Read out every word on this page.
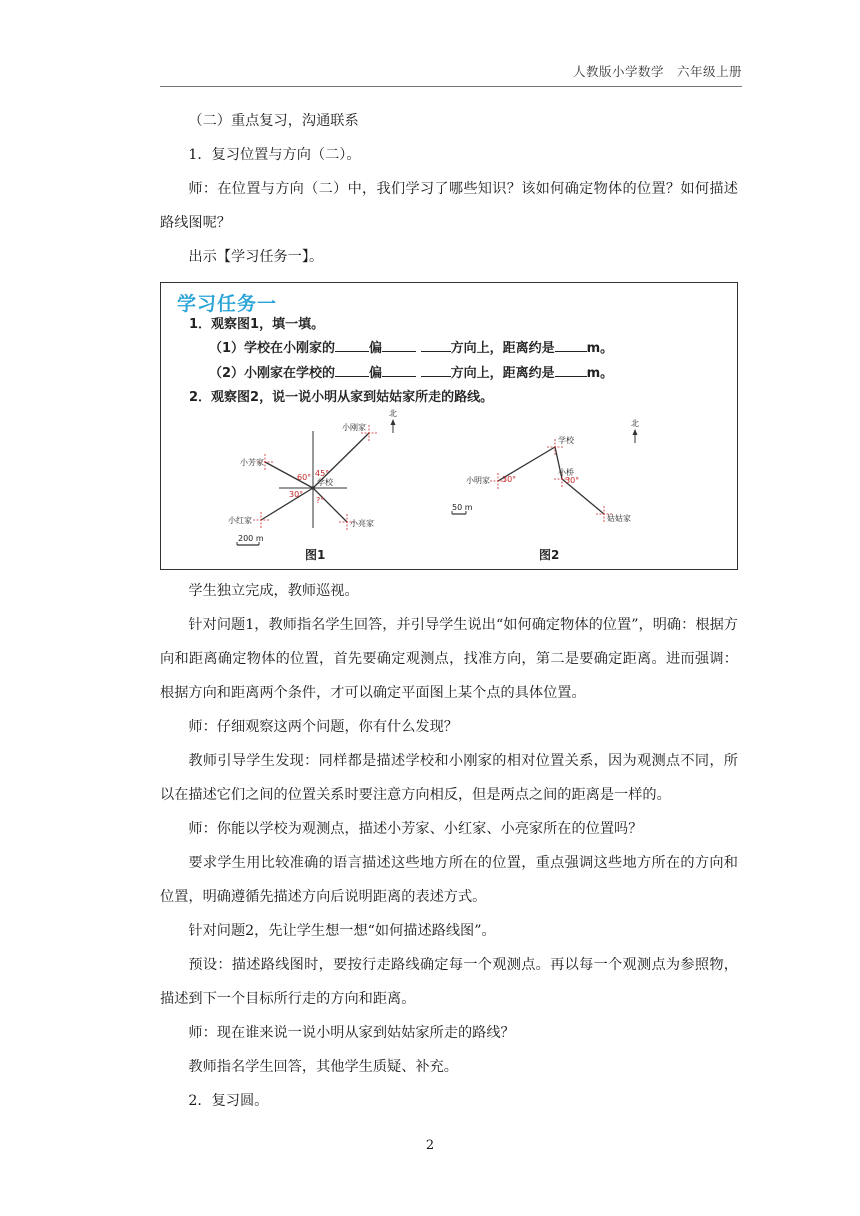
人教版小学数学　六年级上册

（二）重点复习，沟通联系

1．复习位置与方向（二）。

师：在位置与方向（二）中，我们学习了哪些知识？该如何确定物体的位置？如何描述路线图呢？

出示【学习任务一】。

学习任务一
1．观察图1，填一填。
（1）学校在小刚家的	偏	方向上，距离约是 m。
（2）小刚家在学校的	偏	方向上，距离约是 m。
2．观察图2，说一说小明从家到姑姑家所走的路线。
北
小刚家
小芳家
小红家	小亮家
学校
60° 45°
30°
?°
200 m
图1
北
学校
小明家
小桥
姑姑家
30°	30°
50 m
图2

学生独立完成，教师巡视。

针对问题1，教师指名学生回答，并引导学生说出“如何确定物体的位置”，明确：根据方向和距离确定物体的位置，首先要确定观测点，找准方向，第二是要确定距离。进而强调：根据方向和距离两个条件，才可以确定平面图上某个点的具体位置。

师：仔细观察这两个问题，你有什么发现？

教师引导学生发现：同样都是描述学校和小刚家的相对位置关系，因为观测点不同，所以在描述它们之间的位置关系时要注意方向相反，但是两点之间的距离是一样的。

师：你能以学校为观测点，描述小芳家、小红家、小亮家所在的位置吗？

要求学生用比较准确的语言描述这些地方所在的位置，重点强调这些地方所在的方向和位置，明确遵循先描述方向后说明距离的表述方式。

针对问题2，先让学生想一想“如何描述路线图”。

预设：描述路线图时，要按行走路线确定每一个观测点。再以每一个观测点为参照物，描述到下一个目标所行走的方向和距离。

师：现在谁来说一说小明从家到姑姑家所走的路线？

教师指名学生回答，其他学生质疑、补充。

2．复习圆。

2
